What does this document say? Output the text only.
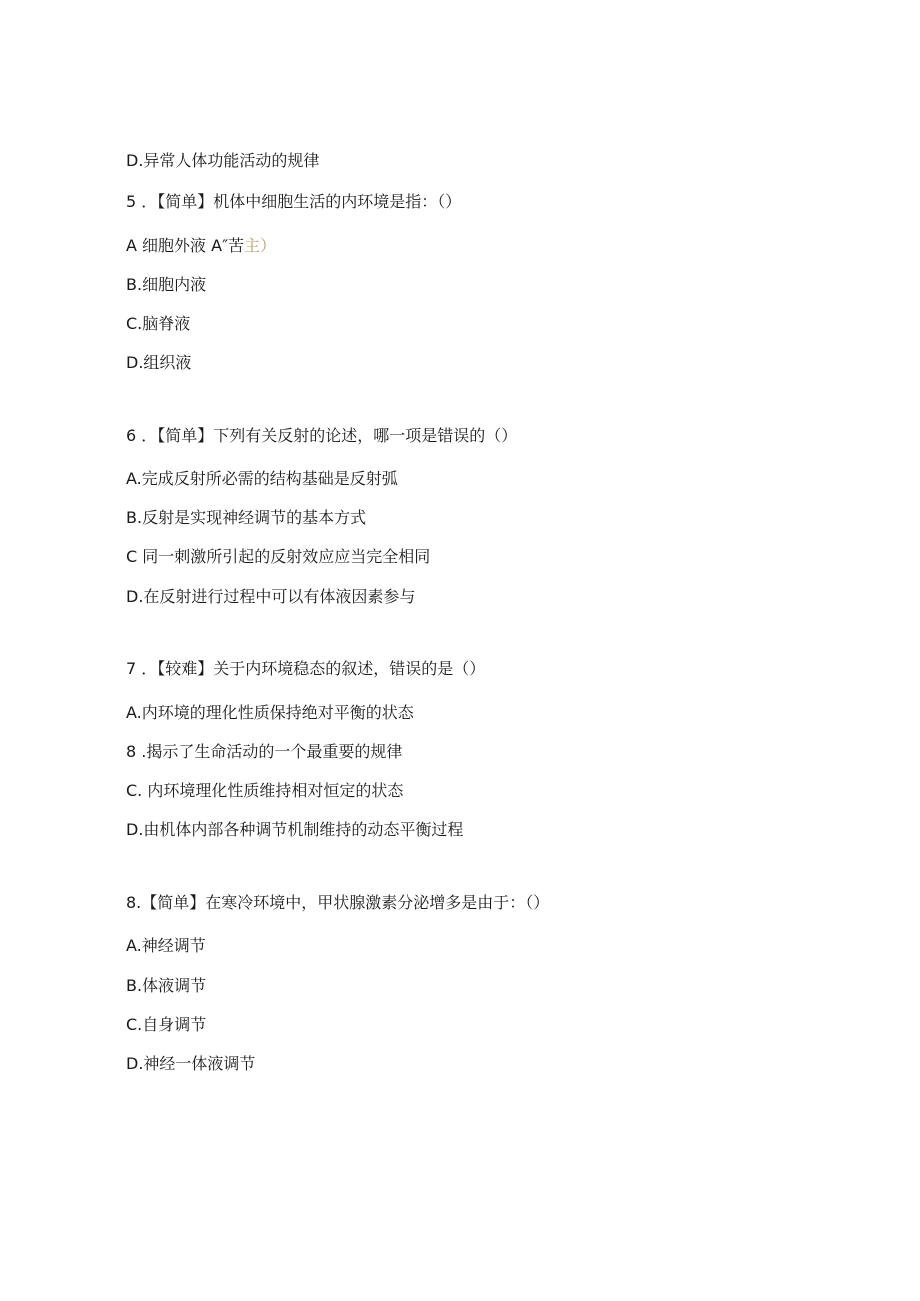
D.异常人体功能活动的规律
5 ．【简单】机体中细胞生活的内环境是指：（）
A 细胞外液 A″苦主）
B.细胞内液
C.脑脊液
D.组织液
6 ．【简单】下列有关反射的论述，哪一项是错误的（）
A.完成反射所必需的结构基础是反射弧
B.反射是实现神经调节的基本方式
C 同一刺激所引起的反射效应应当完全相同
D.在反射进行过程中可以有体液因素参与
7 ．【较难】关于内环境稳态的叙述，错误的是（）
A.内环境的理化性质保持绝对平衡的状态
8 .揭示了生命活动的一个最重要的规律
C. 内环境理化性质维持相对恒定的状态
D.由机体内部各种调节机制维持的动态平衡过程
8.【简单】在寒冷环境中，甲状腺激素分泌增多是由于：（）
A.神经调节
B.体液调节
C.自身调节
D.神经一体液调节
